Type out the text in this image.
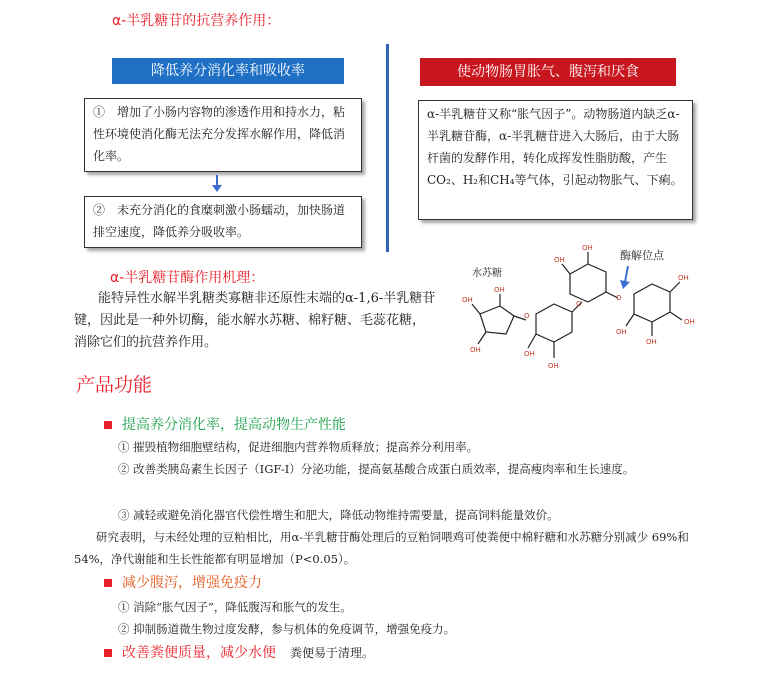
α-半乳糖苷的抗营养作用：
降低养分消化率和吸收率
①　增加了小肠内容物的渗透作用和持水力，粘性环境使消化酶无法充分发挥水解作用，降低消化率。
②　未充分消化的食糜刺激小肠蠕动，加快肠道排空速度，降低养分吸收率。
使动物肠胃胀气、腹泻和厌食
α-半乳糖苷又称“胀气因子”。动物肠道内缺乏α-半乳糖苷酶，α-半乳糖苷进入大肠后，由于大肠杆菌的发酵作用，转化成挥发性脂肪酸，产生 CO₂、H₂和CH₄等气体，引起动物胀气、下痢。
α-半乳糖苷酶作用机理：
能特异性水解半乳糖类寡糖非还原性末端的α-1,6-半乳糖苷键，因此是一种外切酶，能水解水苏糖、棉籽糖、毛蕊花糖，消除它们的抗营养作用。
水苏糖
酶解位点
OH
OH
OH
OH
OH
OH
OH
OH
OH
OH
OH
O
O
O
产品功能
提高养分消化率，提高动物生产性能
① 摧毁植物细胞壁结构，促进细胞内营养物质释放；提高养分利用率。
② 改善类胰岛素生长因子（IGF-I）分泌功能，提高氨基酸合成蛋白质效率，提高瘦肉率和生长速度。
③ 减轻或避免消化器官代偿性增生和肥大，降低动物维持需要量，提高饲料能量效价。
研究表明，与未经处理的豆粕相比，用α-半乳糖苷酶处理后的豆粕饲喂鸡可使粪便中棉籽糖和水苏糖分别减少 69%和 54%，净代谢能和生长性能都有明显增加（P<0.05）。
减少腹泻，增强免疫力
① 消除“胀气因子”，降低腹泻和胀气的发生。
② 抑制肠道微生物过度发酵，参与机体的免疫调节，增强免疫力。
改善粪便质量，减少水便 粪便易于清理。
